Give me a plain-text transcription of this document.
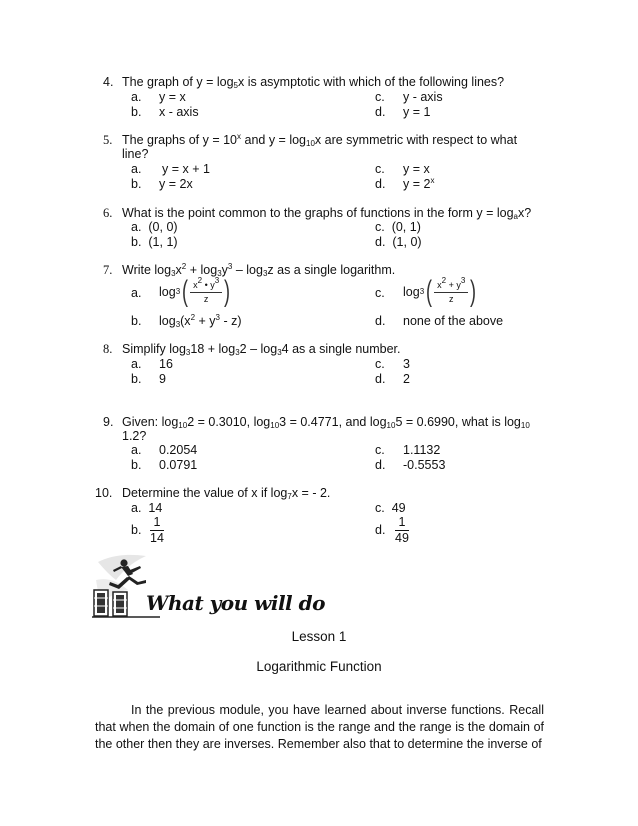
4. The graph of $y = \log_5x$ is asymptotic with which of the following lines?
a. y = x
b. x - axis
c. y - axis
d. y = 1
5. The graphs of $y = 10^x$ and $y = \log_{10}x$ are symmetric with respect to what
line?
a. y = x + 1
b. y = 2x
c. y = x
d. $y = 2^x$
6. What is the point common to the graphs of functions in the form $y = \log_ax$?
a. (0, 0)
b. (1, 1)
c. (0, 1)
d. (1, 0)
7. Write $\log_3x^2 + \log_3y^3 - \log_3z$ as a single logarithm.
a. log 3 ( $x^2$ • $y^3$
z )	c. log 3 ( $x^2 + y^3$
z )
b. $\log_3(x^2 + y^3 - z)$	d. none of the above
8. Simplify $\log_318 + \log_32 - \log_34$ as a single number.
a. 16
b. 9
c. 3
d. 2
9. Given: $\log_{10}2 = 0.3010$, $\log_{10}3 = 0.4771$, and $\log_{10}5 = 0.6990$, what is $\log_{10}$
1.2?
a. 0.2054
b. 0.0791
c. 1.1132
d. -0.5553
10. Determine the value of x if $\log_7x$ = - 2.
a. 14	c. 49
b. $\frac{1}{14}$	d. $\frac{1}{49}$
What you will do
Lesson 1
Logarithmic Function
In the previous module, you have learned about inverse functions. Recall that when the domain of one function is the range and the range is the domain of the other then they are inverses. Remember also that to determine the inverse of
